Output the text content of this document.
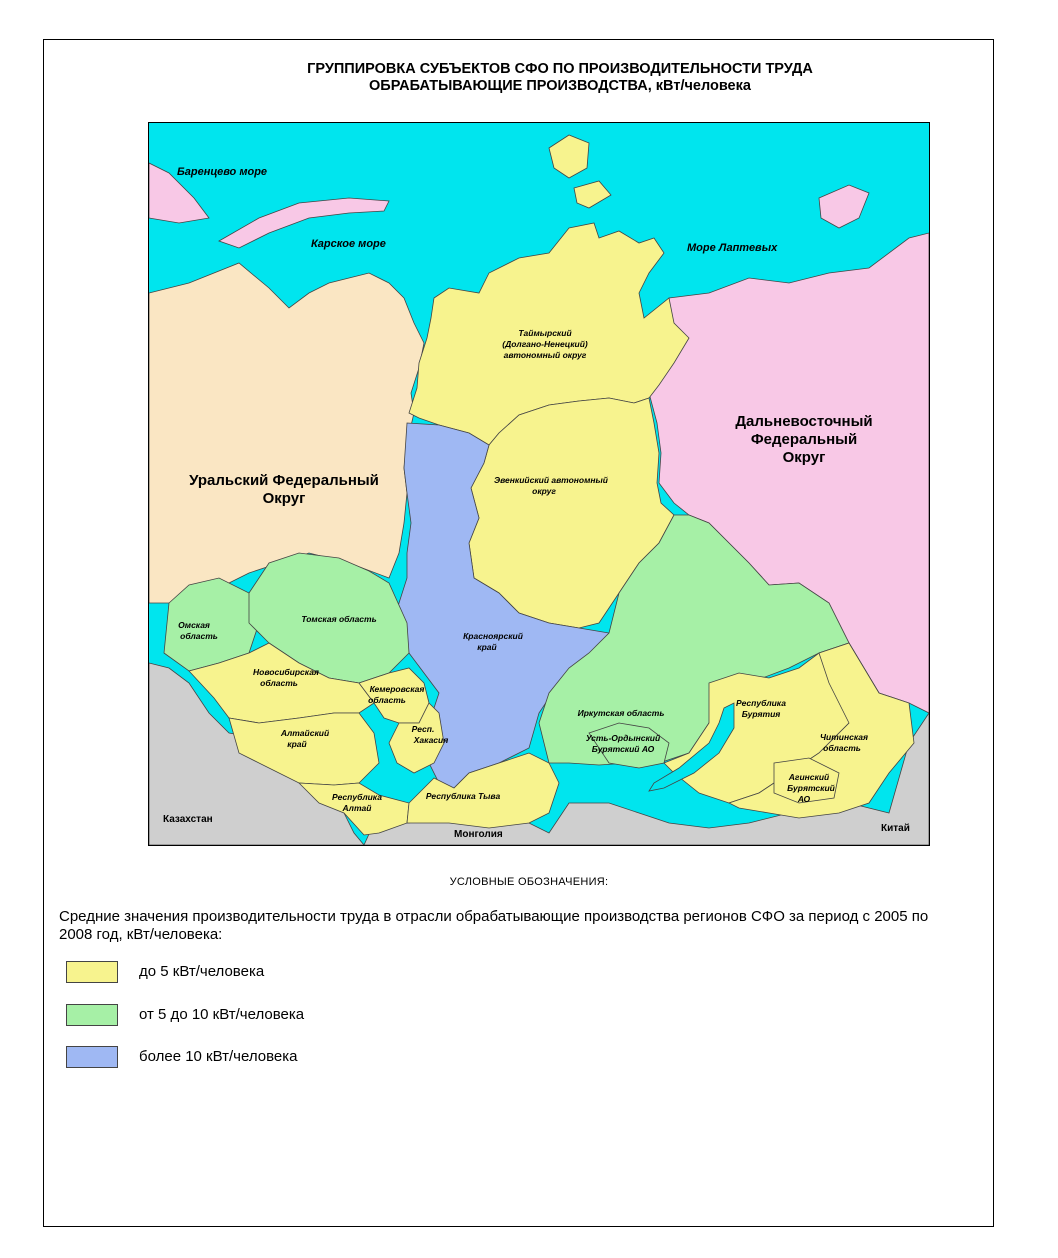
ГРУППИРОВКА СУБЪЕКТОВ СФО ПО ПРОИЗВОДИТЕЛЬНОСТИ ТРУДА
ОБРАБАТЫВАЮЩИЕ ПРОИЗВОДСТВА, кВт/человека
Баренцево море
Карское море	Море Лаптевых
Уральский Федеральный
Округ
Дальневосточный
Федеральный
Округ
Казахстан
Монголия
Китай
Таймырский
(Долгано-Ненецкий)
автономный округ
Эвенкийский автономный
округ
Красноярский
край
Омская
область
Томская область
Новосибирская
область
Кемеровская
область
Алтайский
край
Респ.
Хакасия
Республика
Алтай
Республика Тыва
Иркутская область
Усть-Ордынский
Бурятский АО
Республика
Бурятия
Читинская
область
Агинский
Бурятский
АО
УСЛОВНЫЕ ОБОЗНАЧЕНИЯ:
Средние значения производительности труда в отрасли обрабатывающие производства регионов СФО за период с 2005 по 2008 год, кВт/человека:
до 5 кВт/человека
от 5 до 10 кВт/человека
более 10 кВт/человека
